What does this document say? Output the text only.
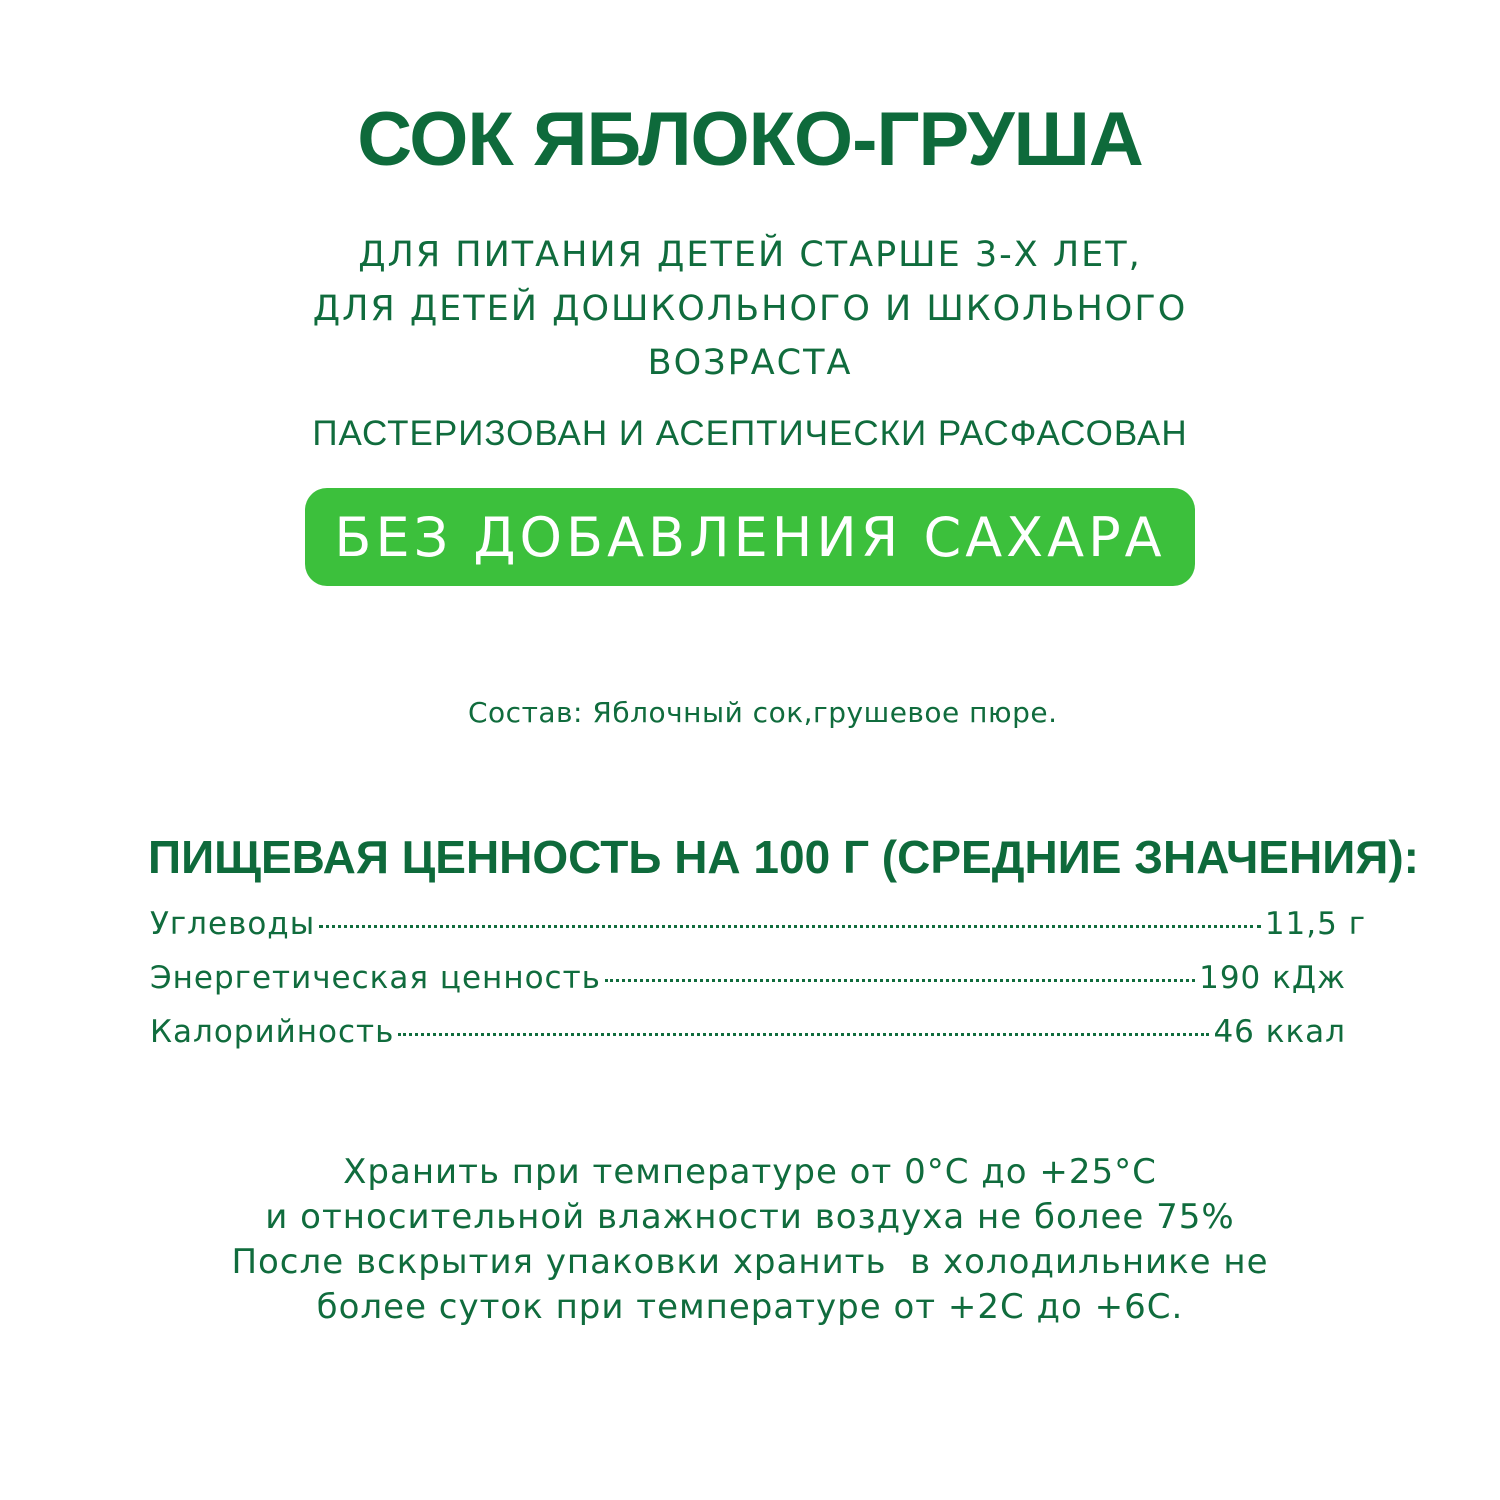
СОК ЯБЛОКО-ГРУША
ДЛЯ ПИТАНИЯ ДЕТЕЙ СТАРШЕ 3-Х ЛЕТ,
ДЛЯ ДЕТЕЙ ДОШКОЛЬНОГО И ШКОЛЬНОГО
ВОЗРАСТА
ПАСТЕРИЗОВАН И АСЕПТИЧЕСКИ РАСФАСОВАН
БЕЗ ДОБАВЛЕНИЯ САХАРА
Состав: Яблочный сок,грушевое пюре.
ПИЩЕВАЯ ЦЕННОСТЬ НА 100 Г (СРЕДНИЕ ЗНАЧЕНИЯ):
Углеводы	11,5 г
Энергетическая ценность	190 кДж
Калорийность	46 ккал
Хранить при температуре от 0°С до +25°С
и относительной влажности воздуха не более 75%
После вскрытия упаковки хранить  в холодильнике не
более суток при температуре от +2С до +6С.
